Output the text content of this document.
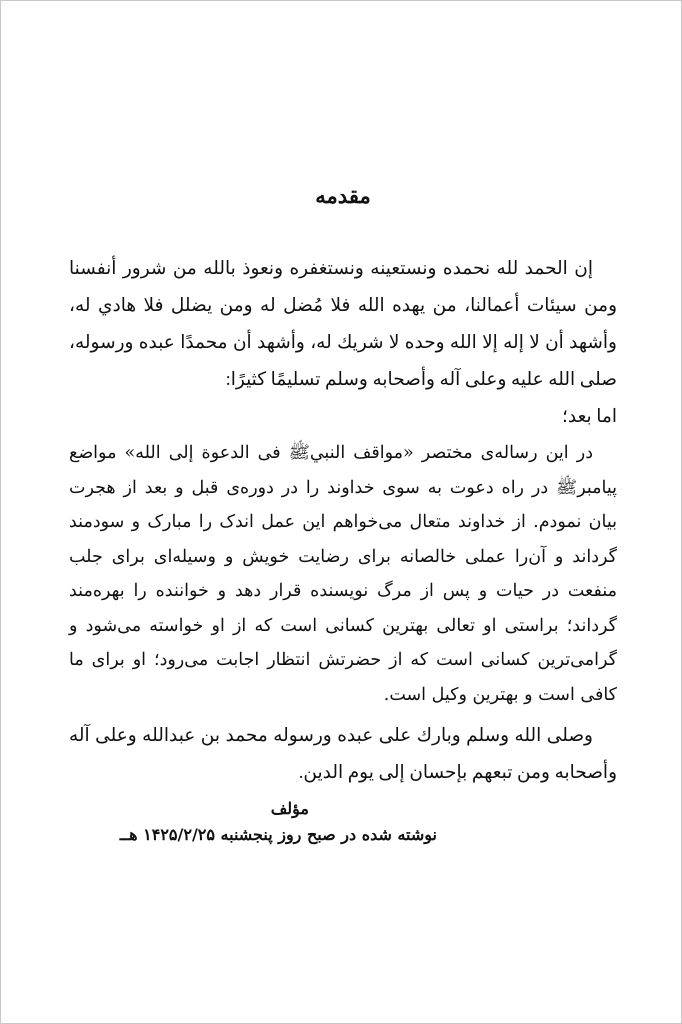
مقدمه

إن الحمد لله نحمده ونستعينه ونستغفره ونعوذ بالله من شرور أنفسنا ومن سيئات أعمالنا، من يهده الله فلا مُضل له ومن يضلل فلا هادي له، وأشهد أن لا إله إلا الله وحده لا شريك له، وأشهد أن محمدًا عبده ورسوله، صلى الله عليه وعلى آله وأصحابه وسلم تسليمًا كثيرًا:

اما بعد؛

در این رساله‌ی مختصر «مواقف النبيﷺ فی الدعوة إلى الله» مواضع پیامبرﷺ در راه دعوت به سوی خداوند را در دوره‌ی قبل و بعد از هجرت بیان نمودم. از خداوند متعال می‌خواهم این عمل اندک را مبارک و سودمند گرداند و آن‌را عملی خالصانه برای رضایت خویش و وسیله‌ای برای جلب منفعت در حیات و پس از مرگ نویسنده قرار دهد و خواننده را بهره‌مند گرداند؛ براستی او تعالی بهترین کسانی است که از او خواسته می‌شود و گرامی‌ترین کسانی است که از حضرتش انتظار اجابت می‌رود؛ او برای ما کافی است و بهترین وکیل است.

وصلى الله وسلم وبارك على عبده ورسوله محمد بن عبدالله وعلى آله وأصحابه ومن تبعهم بإحسان إلى يوم الدين.

مؤلف
نوشته شده در صبح روز پنجشنبه ۱۴۲۵/۲/۲۵ هــ
